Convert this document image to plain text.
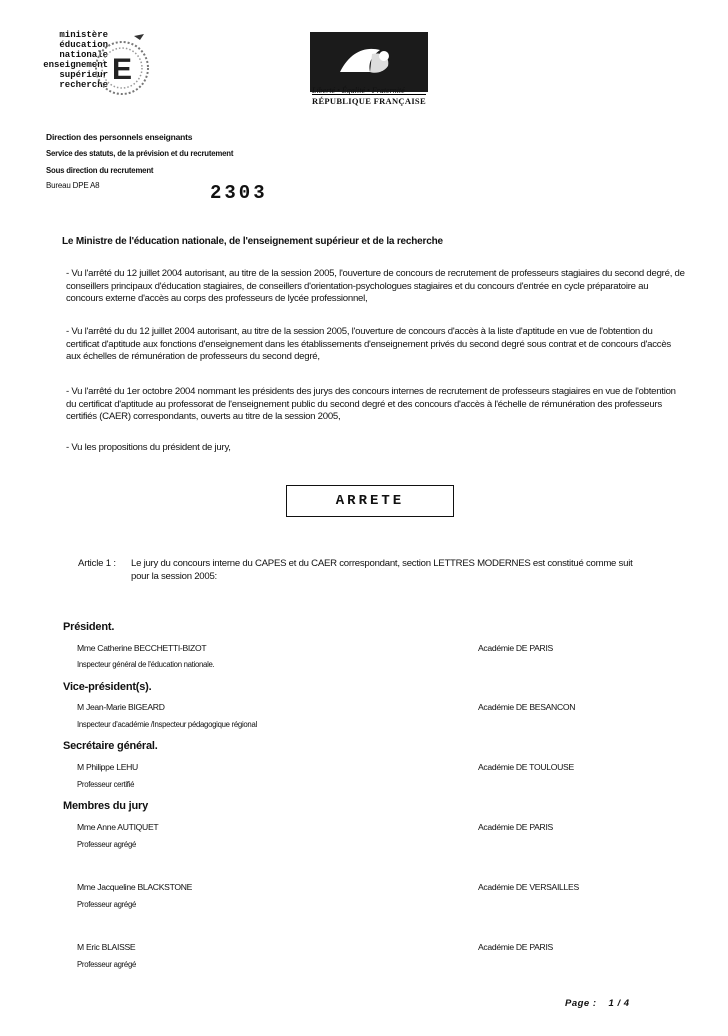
ministère
éducation
nationale
enseignement
supérieur
recherche E
Liberté • Égalité • Fraternité
RÉPUBLIQUE FRANÇAISE
Direction des personnels enseignants
Service des statuts, de la prévision et du recrutement
Sous direction du recrutement
Bureau DPE A8	2303
Le Ministre de l'éducation nationale, de l'enseignement supérieur et de la recherche
- Vu l'arrêté du 12 juillet 2004 autorisant, au titre de la session 2005, l'ouverture de concours de recrutement de professeurs stagiaires du second degré, de conseillers principaux d'éducation stagiaires, de conseillers d'orientation-psychologues stagiaires et du concours d'entrée en cycle préparatoire au concours externe d'accès au corps des professeurs de lycée professionnel,
- Vu l'arrêté du du 12 juillet 2004 autorisant, au titre de la session 2005, l'ouverture de concours d'accès à la liste d'aptitude en vue de l'obtention du certificat d'aptitude aux fonctions d'enseignement dans les établissements d'enseignement privés du second degré sous contrat et de concours d'accès aux échelles de rémunération de professeurs du second degré,
- Vu l'arrêté du 1er octobre 2004 nommant les présidents des jurys des concours internes de recrutement de professeurs stagiaires en vue de l'obtention du certificat d'aptitude au professorat de l'enseignement public du second degré et des concours d'accès à l'échelle de rémunération des professeurs certifiés (CAER) correspondants, ouverts au titre de la session 2005,
- Vu les propositions du président de jury,
ARRETE
Article 1 : Le jury du concours interne du CAPES et du CAER correspondant, section LETTRES MODERNES est constitué comme suit pour la session 2005:
Président.
Mme Catherine BECCHETTI-BIZOT
Inspecteur général de l'éducation nationale.
Académie DE PARIS
Vice-président(s).
M Jean-Marie BIGEARD
Inspecteur d'académie /Inspecteur pédagogique régional
Académie DE BESANCON
Secrétaire général.
M Philippe LEHU
Professeur certifié
Académie DE TOULOUSE
Membres du jury
Mme Anne AUTIQUET
Professeur agrégé
Académie DE PARIS
Mme Jacqueline BLACKSTONE
Professeur agrégé
Académie DE VERSAILLES
M Eric BLAISSE
Professeur agrégé
Académie DE PARIS
Page : 1 / 4
